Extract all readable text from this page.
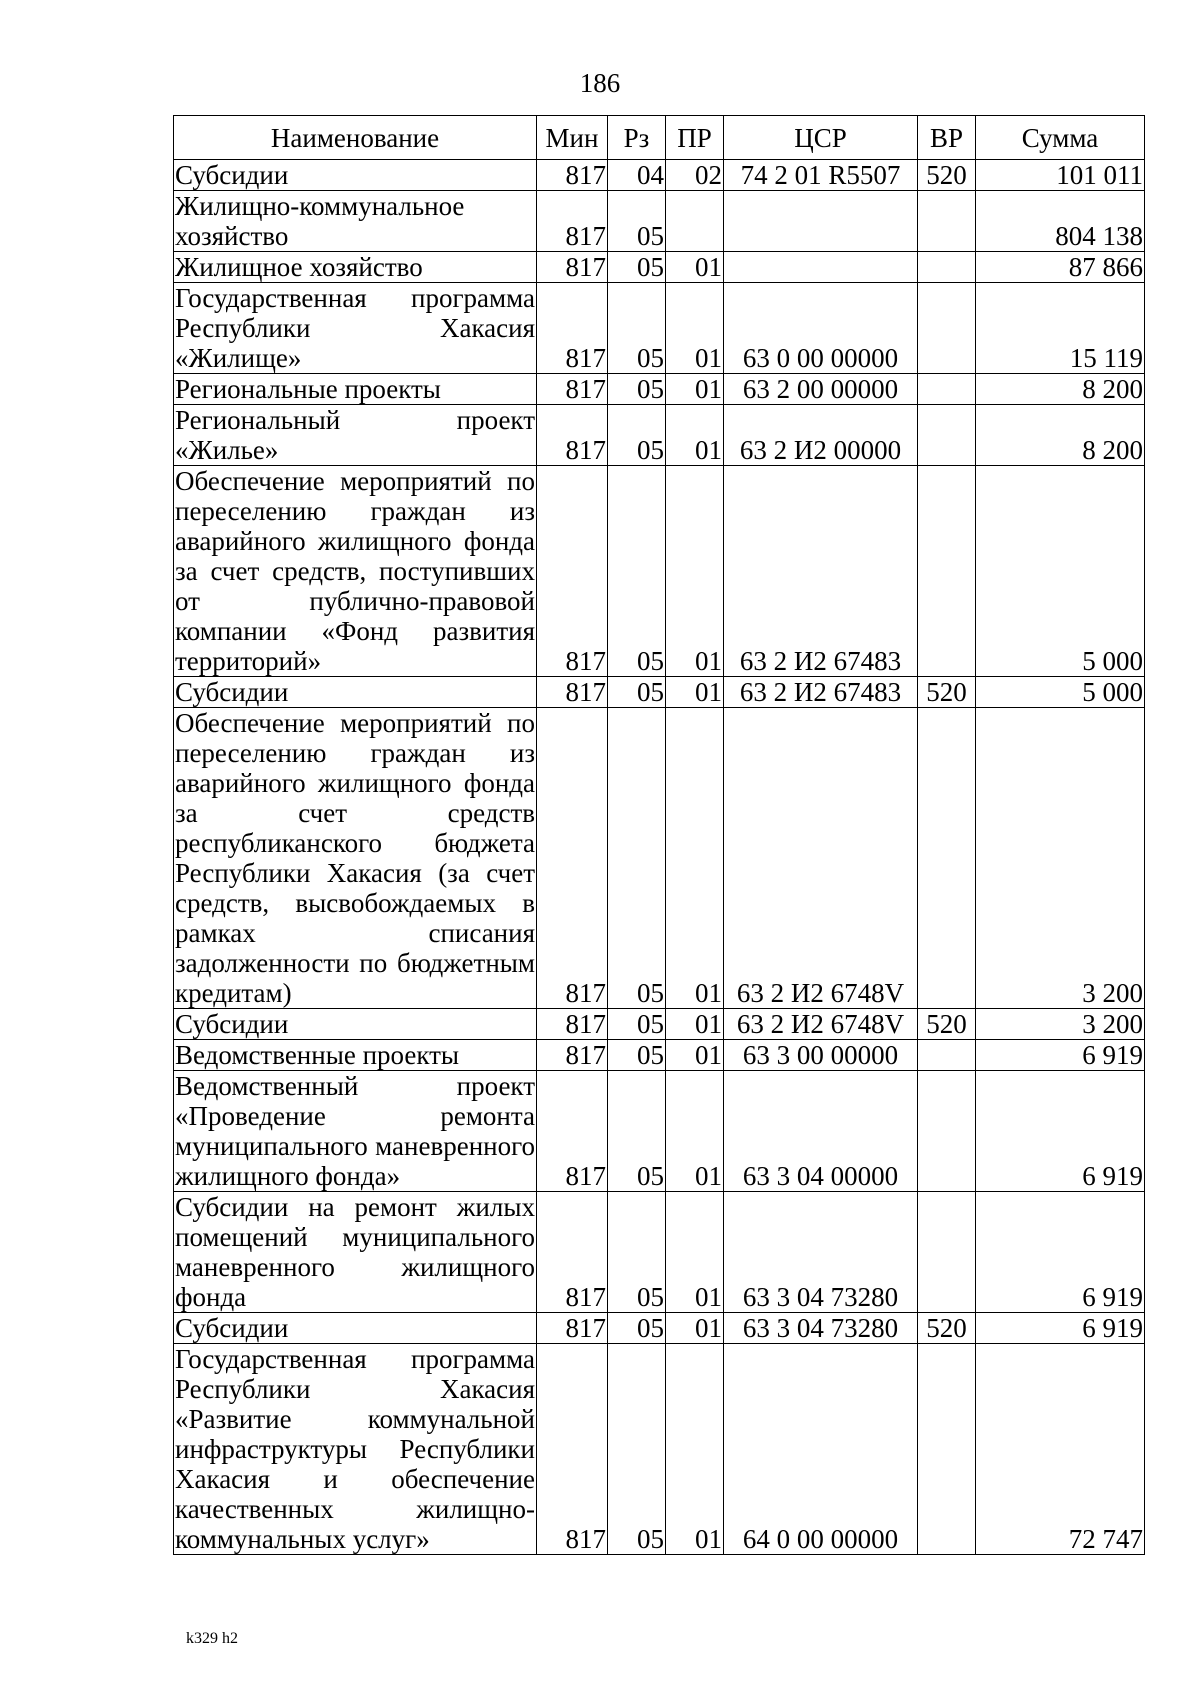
186
Наименование	Мин	Рз	ПР	ЦСР	ВР	Сумма
Субсидии	817	04	02	74 2 01 R5507	520	101 011
Жилищно-коммунальное хозяйство	817	05				804 138
Жилищное хозяйство	817	05	01			87 866
Государственная программа Республики Хакасия «Жилище»	817	05	01	63 0 00 00000		15 119
Региональные проекты	817	05	01	63 2 00 00000		8 200
Региональный проект «Жилье»	817	05	01	63 2 И2 00000		8 200
Обеспечение мероприятий по переселению граждан из аварийного жилищного фонда за счет средств, поступивших от публично-правовой компании «Фонд развития территорий»	817	05	01	63 2 И2 67483		5 000
Субсидии	817	05	01	63 2 И2 67483	520	5 000
Обеспечение мероприятий по переселению граждан из аварийного жилищного фонда за счет средств республиканского бюджета Республики Хакасия (за счет средств, высвобождаемых в рамках списания задолженности по бюджетным кредитам)	817	05	01	63 2 И2 6748V		3 200
Субсидии	817	05	01	63 2 И2 6748V	520	3 200
Ведомственные проекты	817	05	01	63 3 00 00000		6 919
Ведомственный проект «Проведение ремонта муниципального маневренного жилищного фонда»	817	05	01	63 3 04 00000		6 919
Субсидии на ремонт жилых помещений муниципального маневренного жилищного фонда	817	05	01	63 3 04 73280		6 919
Субсидии	817	05	01	63 3 04 73280	520	6 919
Государственная программа Республики Хакасия «Развитие коммунальной инфраструктуры Республики Хакасия и обеспечение качественных жилищно-коммунальных услуг»	817	05	01	64 0 00 00000		72 747
k329 h2
